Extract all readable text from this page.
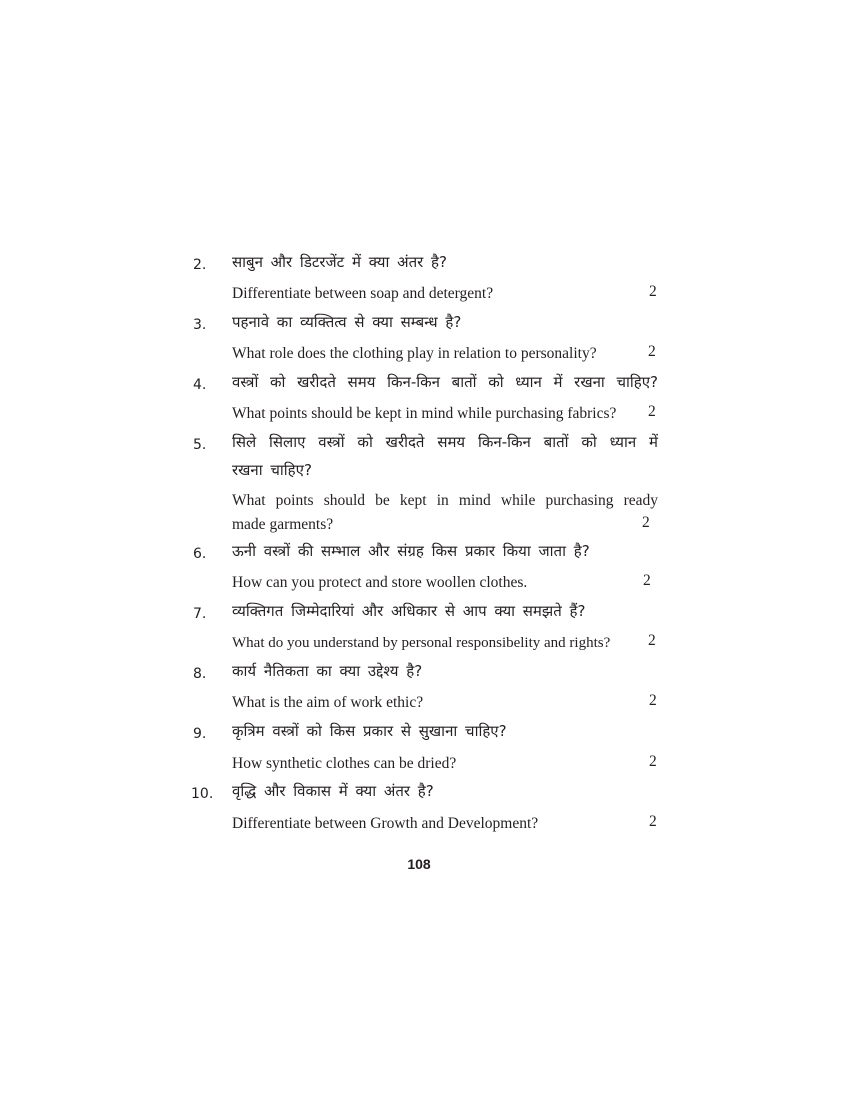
2. साबुन और डिटरजेंट में क्या अंतर है?
Differentiate between soap and detergent?	2
3. पहनावे का व्यक्तित्व से क्या सम्बन्ध है?
What role does the clothing play in relation to personality?	2
4. वस्त्रों को खरीदते समय किन-किन बातों को ध्यान में रखना चाहिए?
What points should be kept in mind while purchasing fabrics?	2
5. सिले सिलाए वस्त्रों को खरीदते समय किन-किन बातों को ध्यान में
रखना चाहिए?
What points should be kept in mind while purchasing ready
made garments?	2
6. ऊनी वस्त्रों की सम्भाल और संग्रह किस प्रकार किया जाता है?
How can you protect and store woollen clothes.	2
7. व्यक्तिगत जिम्मेदारियां और अधिकार से आप क्या समझते हैं?
What do you understand by personal responsibelity and rights?	2
8. कार्य नैतिकता का क्या उद्देश्य है?
What is the aim of work ethic?	2
9. कृत्रिम वस्त्रों को किस प्रकार से सुखाना चाहिए?
How synthetic clothes can be dried?	2
10. वृद्धि और विकास में क्या अंतर है?
Differentiate between Growth and Development?	2
108
